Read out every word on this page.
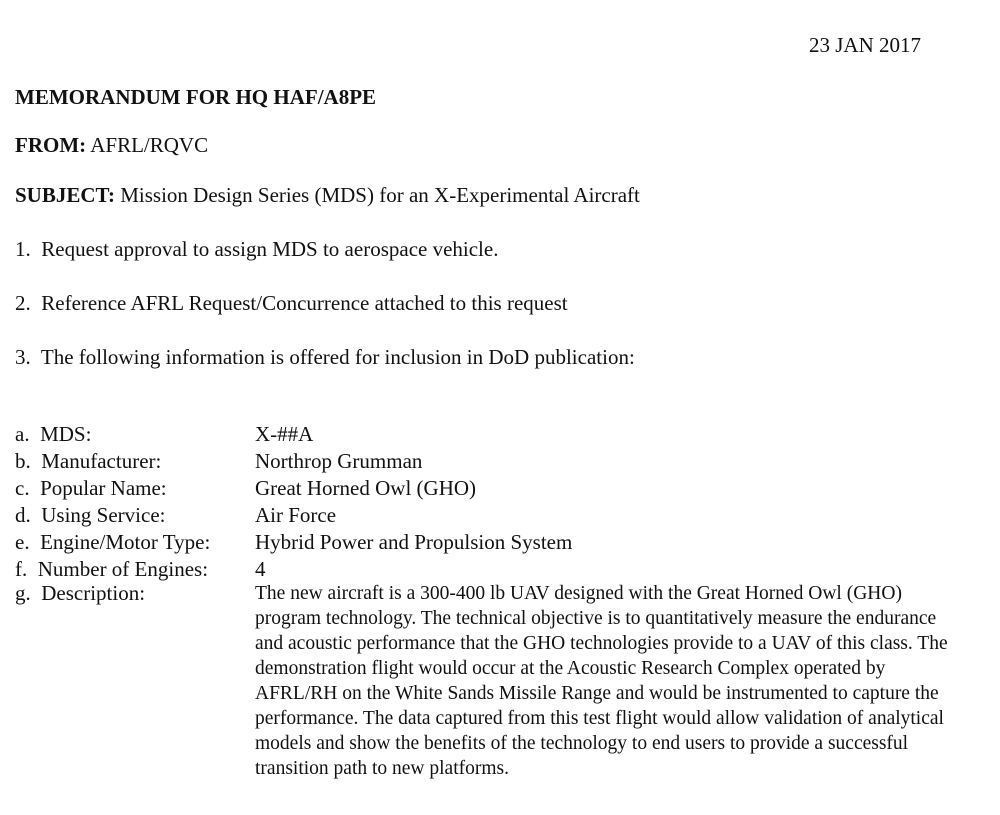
23 JAN 2017
MEMORANDUM FOR HQ HAF/A8PE
FROM: AFRL/RQVC
SUBJECT: Mission Design Series (MDS) for an X-Experimental Aircraft
1.  Request approval to assign MDS to aerospace vehicle.
2.  Reference AFRL Request/Concurrence attached to this request
3.  The following information is offered for inclusion in DoD publication:
a.  MDS:	X-##A
b.  Manufacturer:	Northrop Grumman
c.  Popular Name:	Great Horned Owl (GHO)
d.  Using Service:	Air Force
e.  Engine/Motor Type:	Hybrid Power and Propulsion System
f.  Number of Engines:	4
g.  Description:	The new aircraft is a 300-400 lb UAV designed with the Great Horned Owl (GHO) program technology. The technical objective is to quantitatively measure the endurance and acoustic performance that the GHO technologies provide to a UAV of this class. The demonstration flight would occur at the Acoustic Research Complex operated by AFRL/RH on the White Sands Missile Range and would be instrumented to capture the performance. The data captured from this test flight would allow validation of analytical models and show the benefits of the technology to end users to provide a successful transition path to new platforms.
